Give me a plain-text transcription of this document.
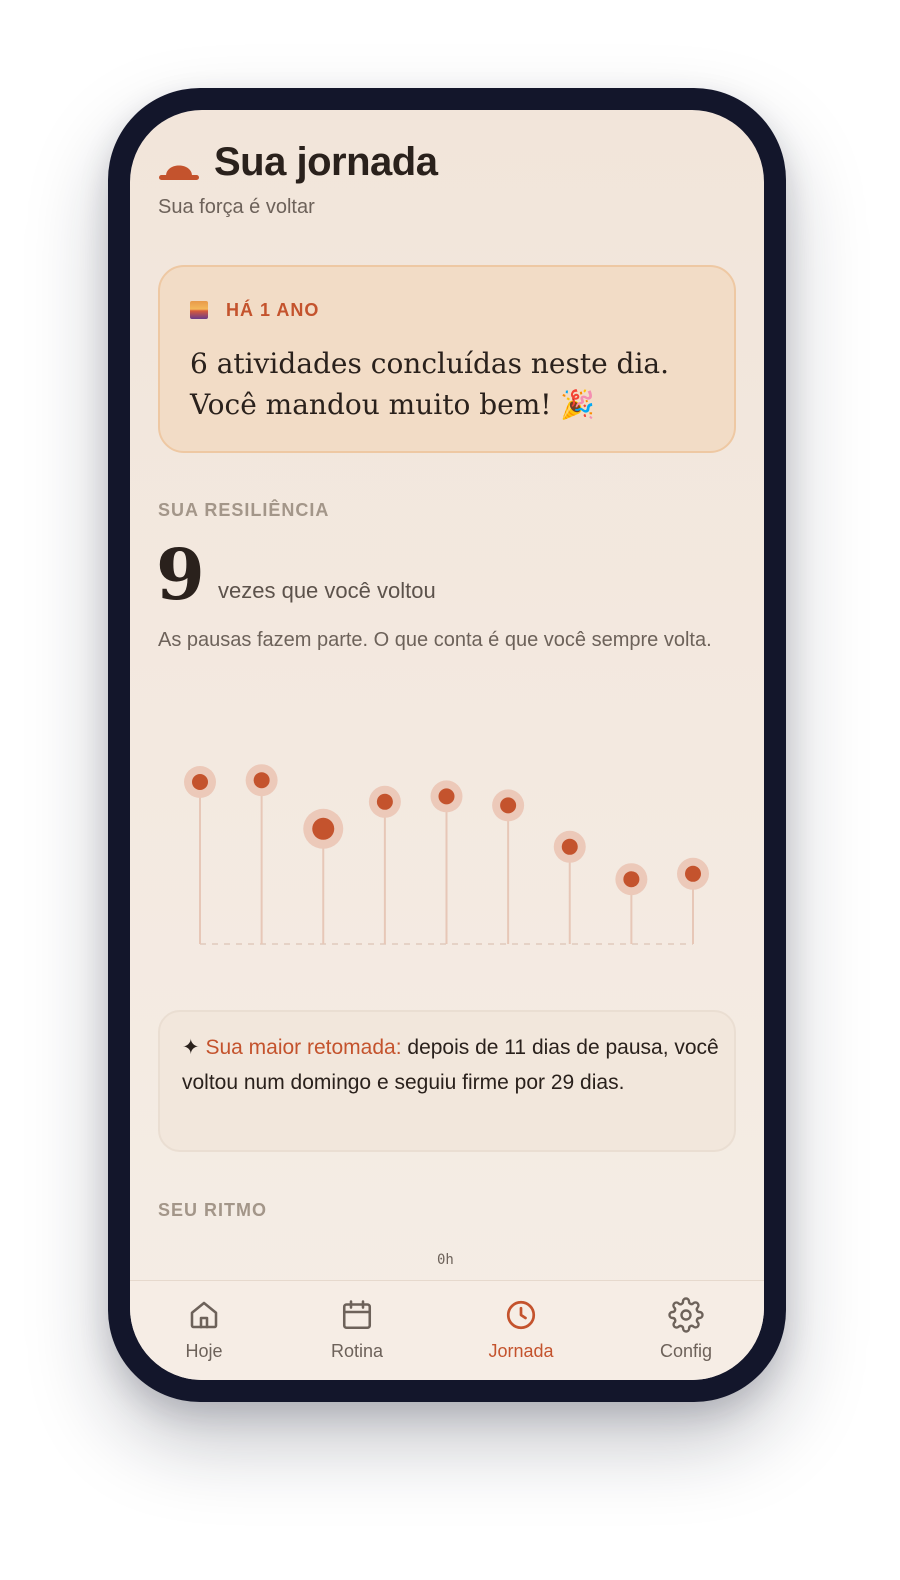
Sua jornada
Sua força é voltar
HÁ 1 ANO
6 atividades concluídas neste dia. Você mandou muito bem! 🎉
SUA RESILIÊNCIA
9 vezes que você voltou
As pausas fazem parte. O que conta é que você sempre volta.
✦ Sua maior retomada: depois de 11 dias de pausa, você voltou num domingo e seguiu firme por 29 dias.
SEU RITMO
0h
Hoje	Rotina	Jornada	Config
